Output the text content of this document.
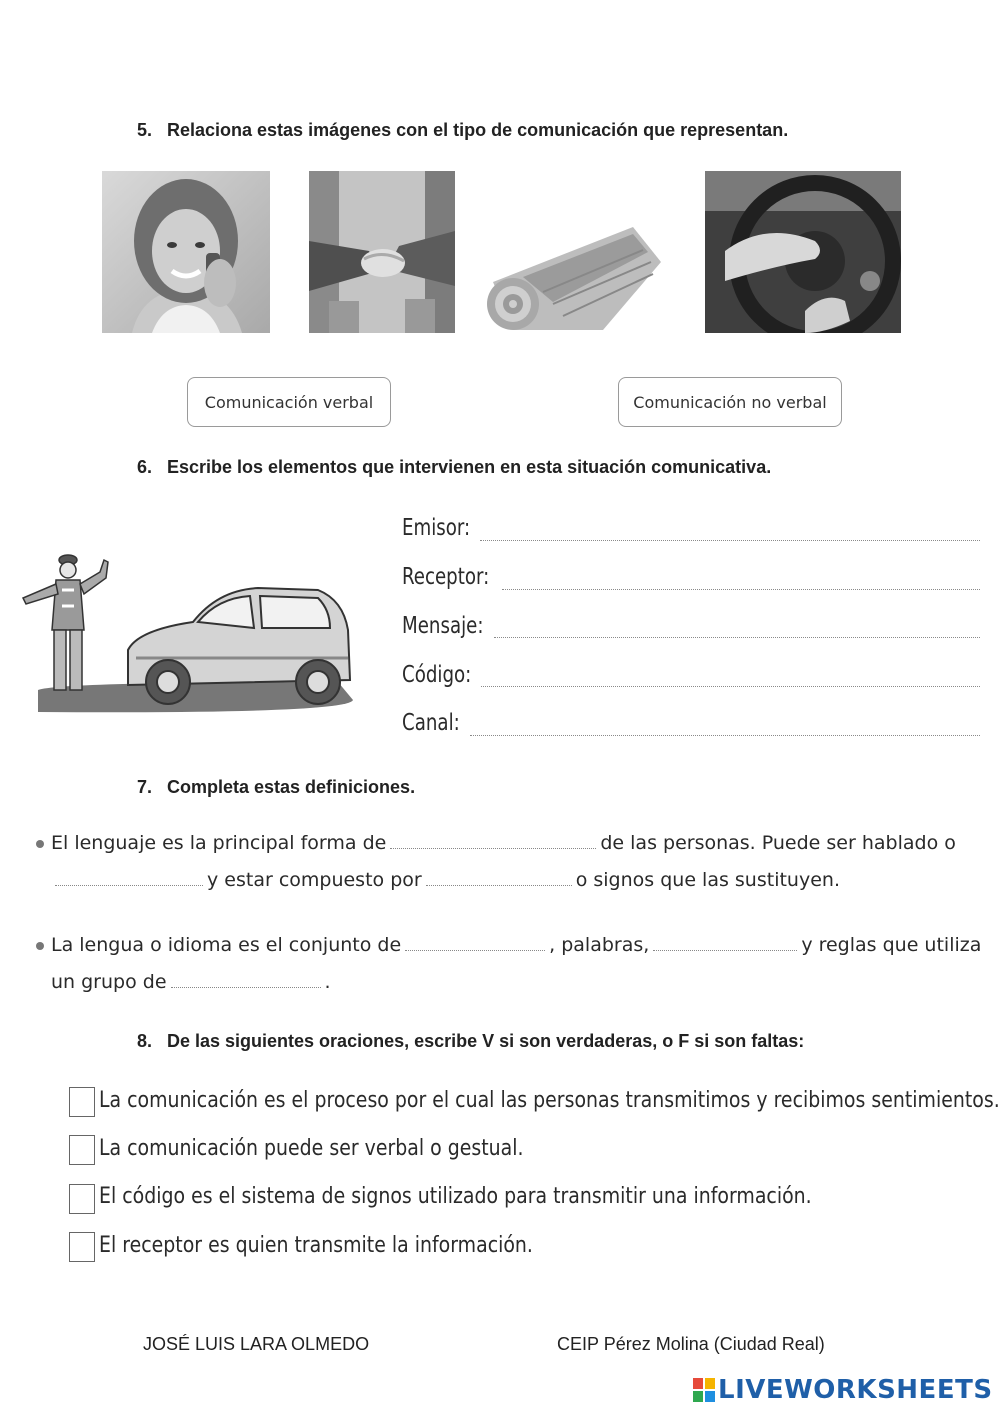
5. Relaciona estas imágenes con el tipo de comunicación que representan.
Comunicación verbal	Comunicación no verbal
6. Escribe los elementos que intervienen en esta situación comunicativa.
Emisor:
Receptor:
Mensaje:
Código:
Canal:
7. Completa estas definiciones.
El lenguaje es la principal forma de	de las personas. Puede ser hablado o
y estar compuesto por	o signos que las sustituyen.
La lengua o idioma es el conjunto de	, palabras,	y reglas que utiliza
un grupo de	.
8. De las siguientes oraciones, escribe V si son verdaderas, o F si son faltas:
La comunicación es el proceso por el cual las personas transmitimos y recibimos sentimientos.
La comunicación puede ser verbal o gestual.
El código es el sistema de signos utilizado para transmitir una información.
El receptor es quien transmite la información.
JOSÉ LUIS LARA OLMEDO	CEIP Pérez Molina (Ciudad Real)
LIVEWORKSHEETS
